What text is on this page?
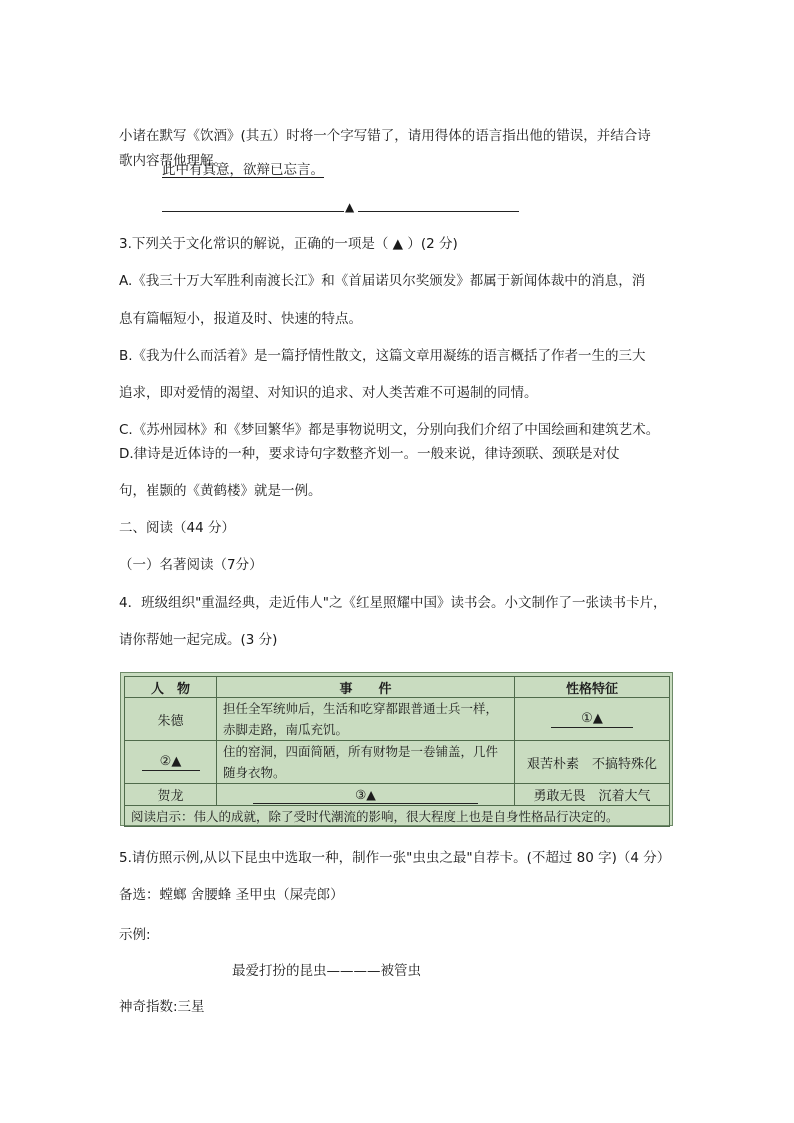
小诸在默写《饮酒》(其五）时将一个字写错了，请用得体的语言指出他的错误，并结合诗
歌内容帮他理解。
此中有真意，欲辩已忘言。
▲
3.下列关于文化常识的解说，正确的一项是（ ▲ ）(2 分)
A.《我三十万大军胜利南渡长江》和《首届诺贝尔奖颁发》都属于新闻体裁中的消息，消
息有篇幅短小，报道及时、快速的特点。
B.《我为什么而活着》是一篇抒情性散文，这篇文章用凝练的语言概括了作者一生的三大
追求，即对爱情的渴望、对知识的追求、对人类苦难不可遏制的同情。
C.《苏州园林》和《梦回繁华》都是事物说明文，分别向我们介绍了中国绘画和建筑艺术。
D.律诗是近体诗的一种，要求诗句字数整齐划一。一般来说，律诗颈联、颈联是对仗
句，崔颢的《黄鹤楼》就是一例。
二、阅读（44 分）
（一）名著阅读（7分）
4．班级组织"重温经典，走近伟人"之《红星照耀中国》读书会。小文制作了一张读书卡片，
请你帮她一起完成。(3 分)
人　物	事　　件	性格特征
朱德	担任全军统帅后，生活和吃穿都跟普通士兵一样，赤脚走路，南瓜充饥。	①▲
②▲	住的窑洞，四面简陋，所有财物是一卷铺盖，几件随身衣物。	艰苦朴素　不搞特殊化
贺龙	③▲	勇敢无畏　沉着大气
阅读启示：伟人的成就，除了受时代潮流的影响，很大程度上也是自身性格品行决定的。		
5.请仿照示例,从以下昆虫中选取一种，制作一张"虫虫之最"自荐卡。(不超过 80 字)（4 分）
备选：螳螂 舍腰蜂 圣甲虫（屎壳郎）
示例:
最爱打扮的昆虫————被管虫
神奇指数:三星
